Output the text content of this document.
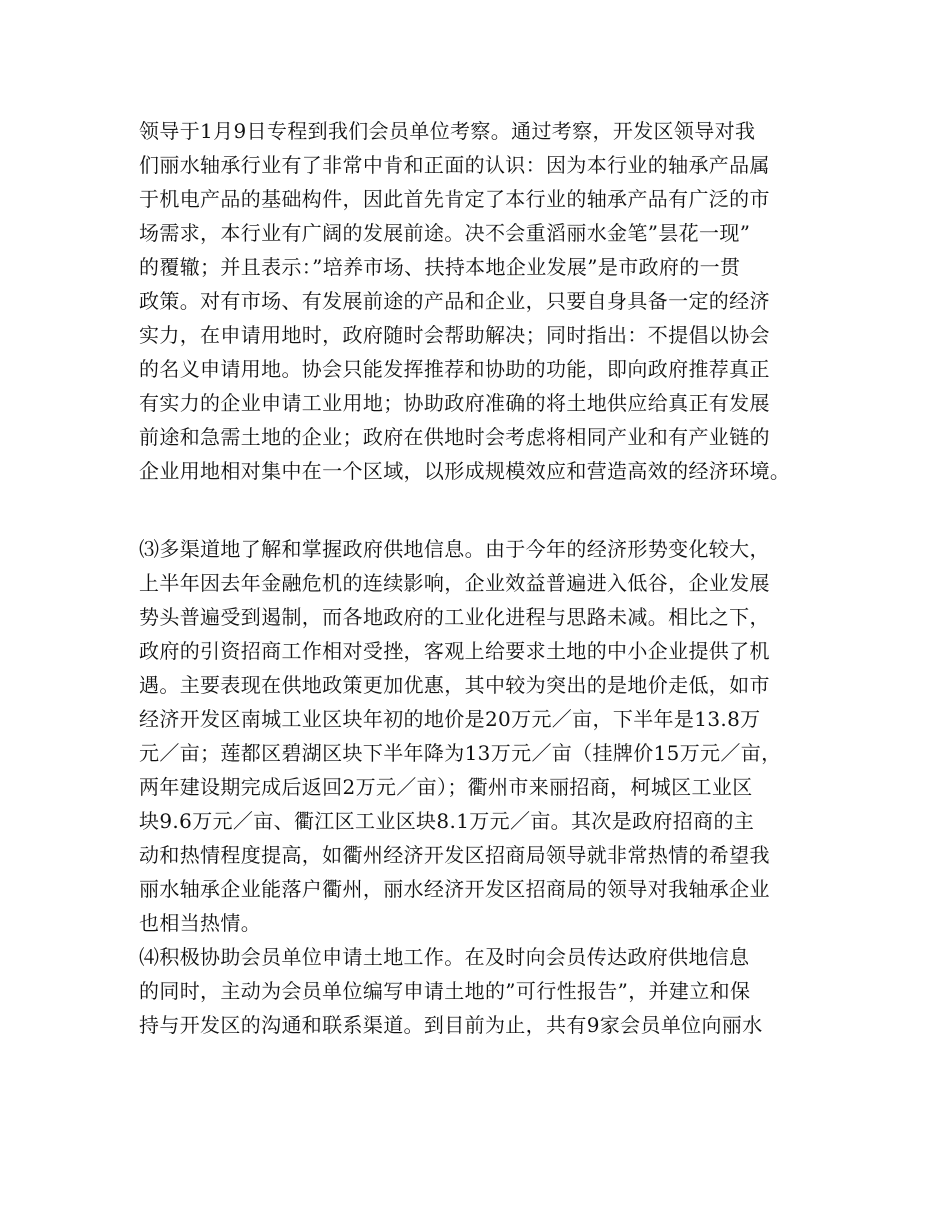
领导于1月9日专程到我们会员单位考察。通过考察，开发区领导对我
们丽水轴承行业有了非常中肯和正面的认识：因为本行业的轴承产品属
于机电产品的基础构件，因此首先肯定了本行业的轴承产品有广泛的市
场需求，本行业有广阔的发展前途。决不会重滔丽水金笔”昙花一现”
的覆辙；并且表示：”培养市场、扶持本地企业发展”是市政府的一贯
政策。对有市场、有发展前途的产品和企业，只要自身具备一定的经济
实力，在申请用地时，政府随时会帮助解决；同时指出：不提倡以协会
的名义申请用地。协会只能发挥推荐和协助的功能，即向政府推荐真正
有实力的企业申请工业用地；协助政府准确的将土地供应给真正有发展
前途和急需土地的企业；政府在供地时会考虑将相同产业和有产业链的
企业用地相对集中在一个区域，以形成规模效应和营造高效的经济环境。
⑶多渠道地了解和掌握政府供地信息。由于今年的经济形势变化较大，
上半年因去年金融危机的连续影响，企业效益普遍进入低谷，企业发展
势头普遍受到遏制，而各地政府的工业化进程与思路未减。相比之下，
政府的引资招商工作相对受挫，客观上给要求土地的中小企业提供了机
遇。主要表现在供地政策更加优惠，其中较为突出的是地价走低，如市
经济开发区南城工业区块年初的地价是20万元／亩，下半年是13.8万
元／亩；莲都区碧湖区块下半年降为13万元／亩（挂牌价15万元／亩，
两年建设期完成后返回2万元／亩）；衢州市来丽招商，柯城区工业区
块9.6万元／亩、衢江区工业区块8.1万元／亩。其次是政府招商的主
动和热情程度提高，如衢州经济开发区招商局领导就非常热情的希望我
丽水轴承企业能落户衢州，丽水经济开发区招商局的领导对我轴承企业
也相当热情。
⑷积极协助会员单位申请土地工作。在及时向会员传达政府供地信息
的同时，主动为会员单位编写申请土地的”可行性报告”，并建立和保
持与开发区的沟通和联系渠道。到目前为止，共有9家会员单位向丽水
